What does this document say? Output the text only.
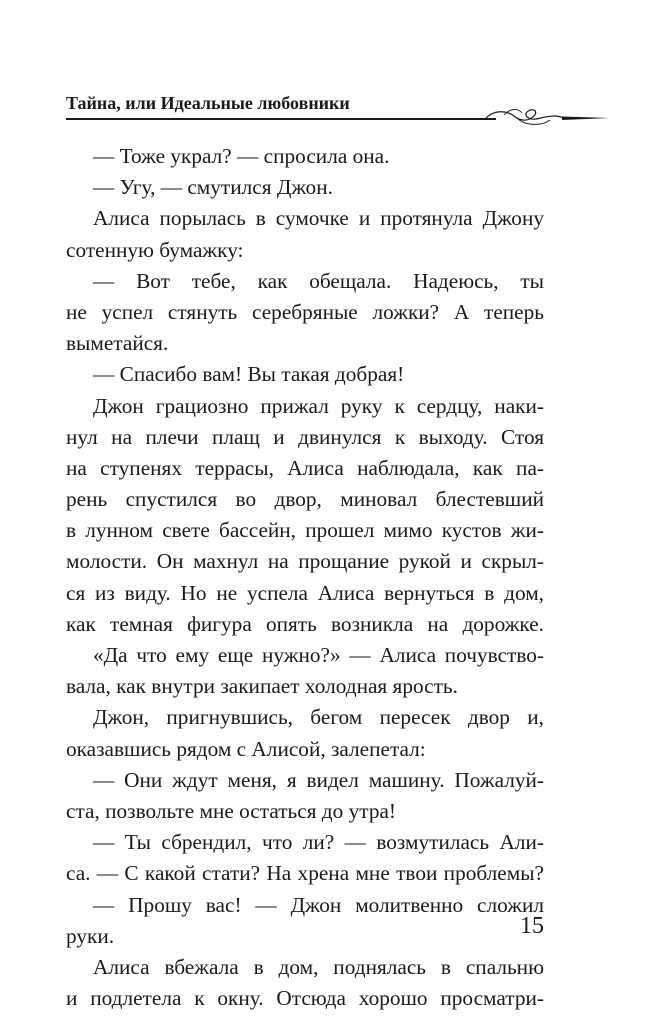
Тайна, или Идеальные любовники
— Тоже украл? — спросила она.
— Угу, — смутился Джон.
Алиса порылась в сумочке и протянула Джону
сотенную бумажку:
— Вот тебе, как обещала. Надеюсь, ты
не успел стянуть серебряные ложки? А теперь
выметайся.
— Спасибо вам! Вы такая добрая!
Джон грациозно прижал руку к сердцу, наки-
нул на плечи плащ и двинулся к выходу. Стоя
на ступенях террасы, Алиса наблюдала, как па-
рень спустился во двор, миновал блестевший
в лунном свете бассейн, прошел мимо кустов жи-
молости. Он махнул на прощание рукой и скрыл-
ся из виду. Но не успела Алиса вернуться в дом,
как темная фигура опять возникла на дорожке.
«Да что ему еще нужно?» — Алиса почувство-
вала, как внутри закипает холодная ярость.
Джон, пригнувшись, бегом пересек двор и,
оказавшись рядом с Алисой, залепетал:
— Они ждут меня, я видел машину. Пожалуй-
ста, позвольте мне остаться до утра!
— Ты сбрендил, что ли? — возмутилась Али-
са. — С какой стати? На хрена мне твои проблемы?
— Прошу вас! — Джон молитвенно сложил
руки.
Алиса вбежала в дом, поднялась в спальню
и подлетела к окну. Отсюда хорошо просматри-
15
